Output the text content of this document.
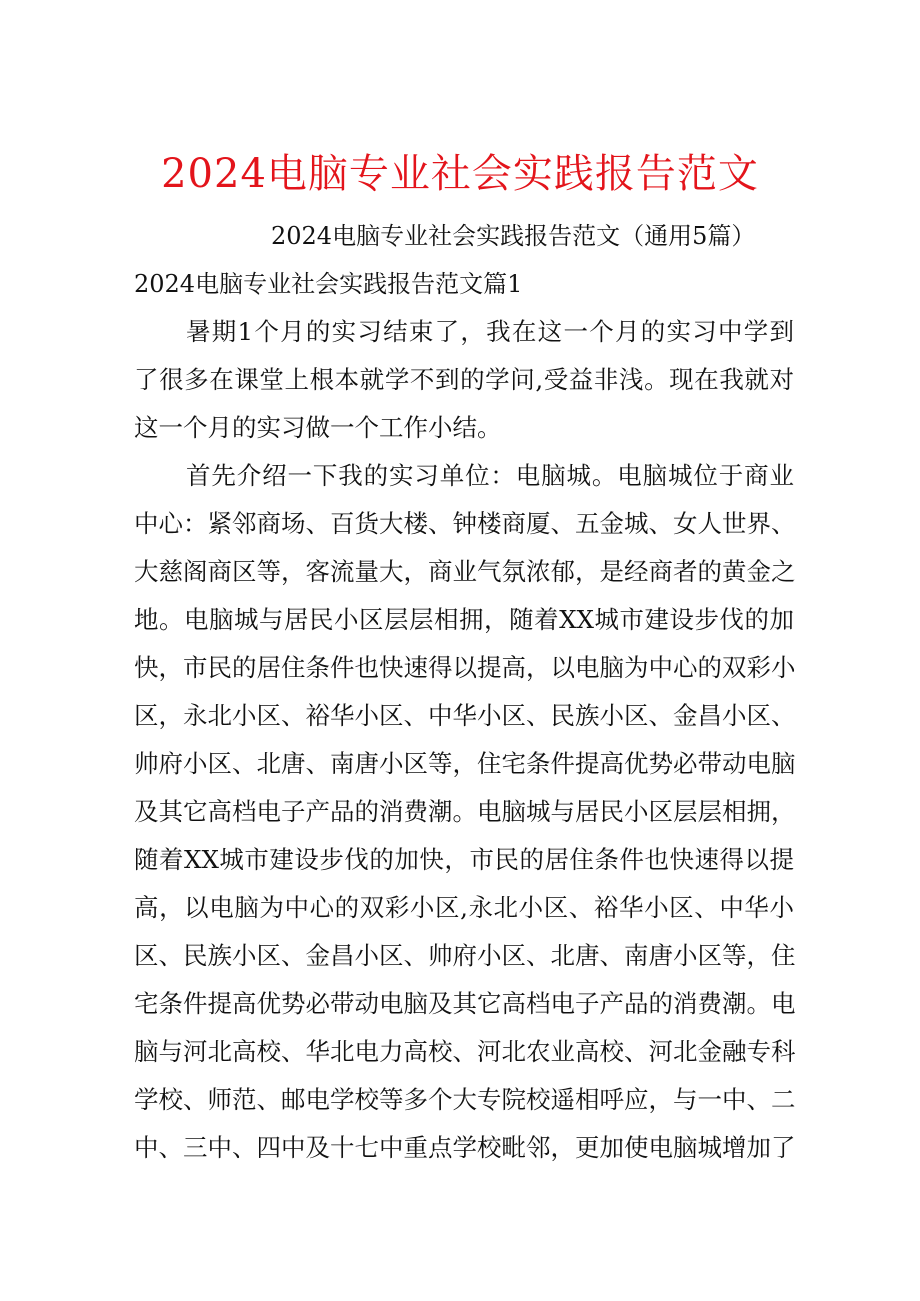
2024电脑专业社会实践报告范文
2024电脑专业社会实践报告范文（通用5篇）
2024电脑专业社会实践报告范文篇1
暑期1个月的实习结束了，我在这一个月的实习中学到
了很多在课堂上根本就学不到的学问,受益非浅。现在我就对
这一个月的实习做一个工作小结。
首先介绍一下我的实习单位：电脑城。电脑城位于商业
中心：紧邻商场、百货大楼、钟楼商厦、五金城、女人世界、
大慈阁商区等，客流量大，商业气氛浓郁，是经商者的黄金之
地。电脑城与居民小区层层相拥，随着XX城市建设步伐的加
快，市民的居住条件也快速得以提高，以电脑为中心的双彩小
区，永北小区、裕华小区、中华小区、民族小区、金昌小区、
帅府小区、北唐、南唐小区等，住宅条件提高优势必带动电脑
及其它高档电子产品的消费潮。电脑城与居民小区层层相拥，
随着XX城市建设步伐的加快，市民的居住条件也快速得以提
高，以电脑为中心的双彩小区,永北小区、裕华小区、中华小
区、民族小区、金昌小区、帅府小区、北唐、南唐小区等，住
宅条件提高优势必带动电脑及其它高档电子产品的消费潮。电
脑与河北高校、华北电力高校、河北农业高校、河北金融专科
学校、师范、邮电学校等多个大专院校遥相呼应，与一中、二
中、三中、四中及十七中重点学校毗邻，更加使电脑城增加了
